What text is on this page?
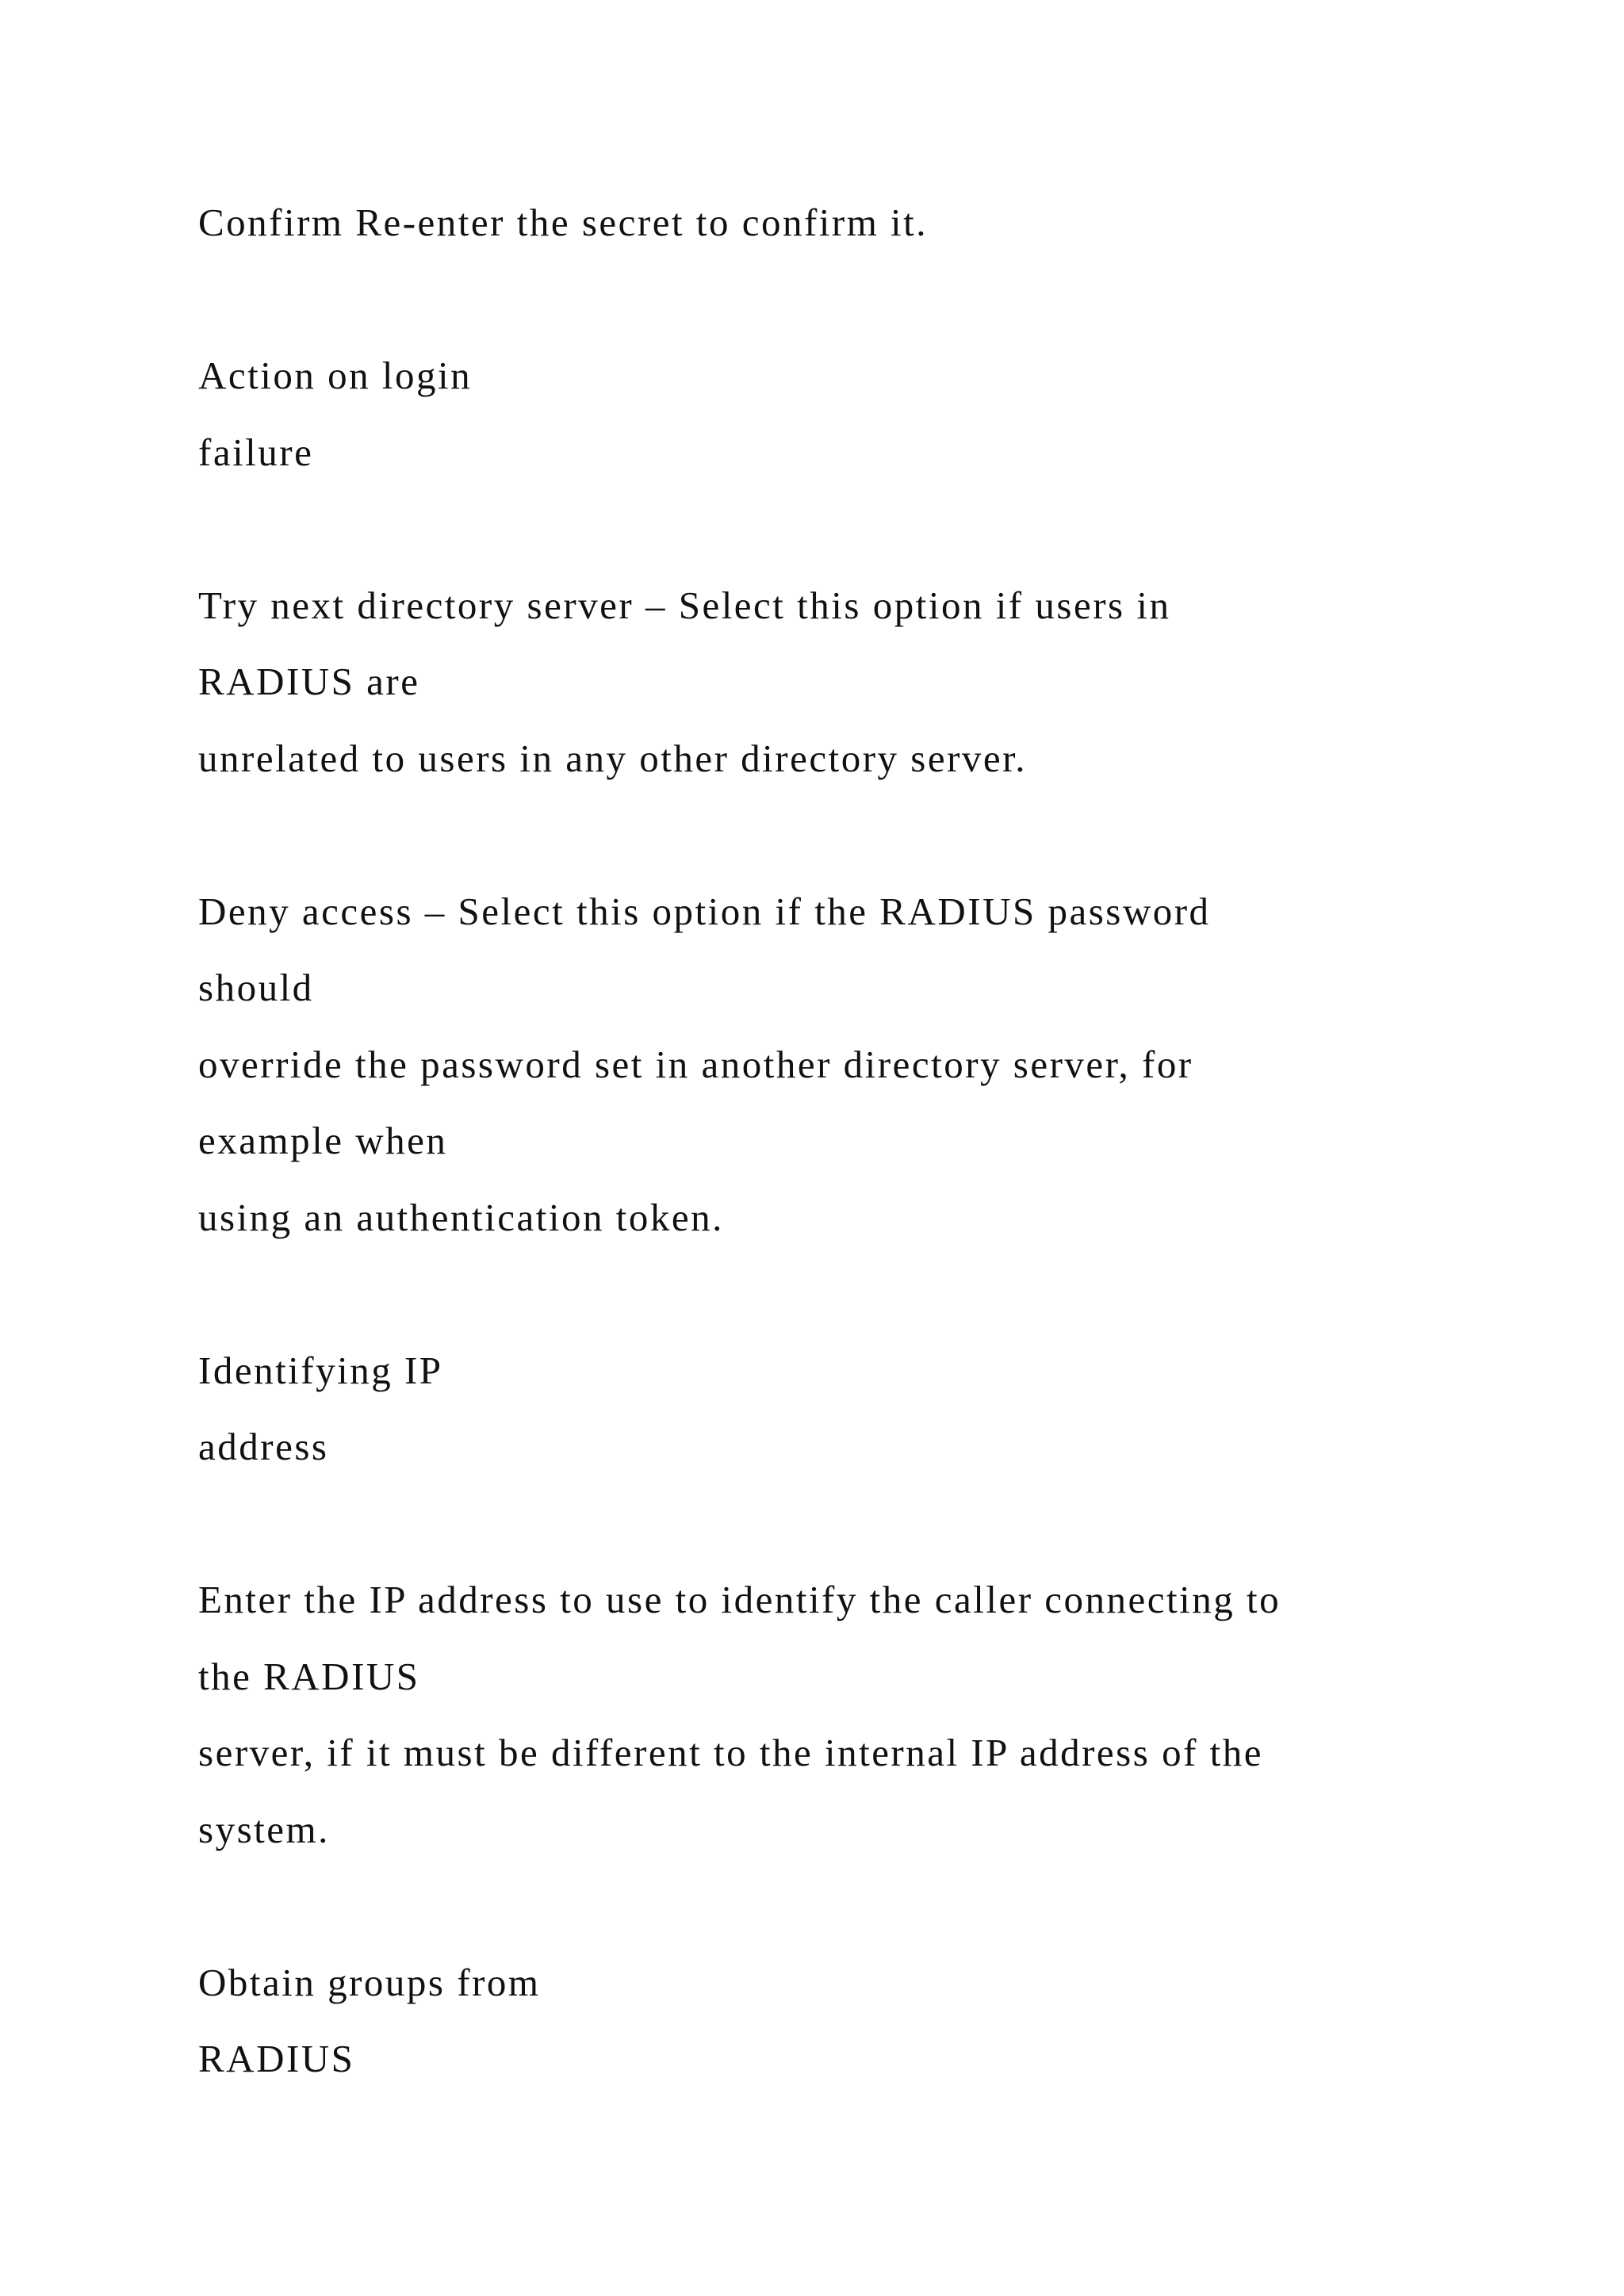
Confirm Re-enter the secret to confirm it.
Action on login
failure
Try next directory server – Select this option if users in
RADIUS are
unrelated to users in any other directory server.
Deny access – Select this option if the RADIUS password
should
override the password set in another directory server, for
example when
using an authentication token.
Identifying IP
address
Enter the IP address to use to identify the caller connecting to
the RADIUS
server, if it must be different to the internal IP address of the
system.
Obtain groups from
RADIUS
